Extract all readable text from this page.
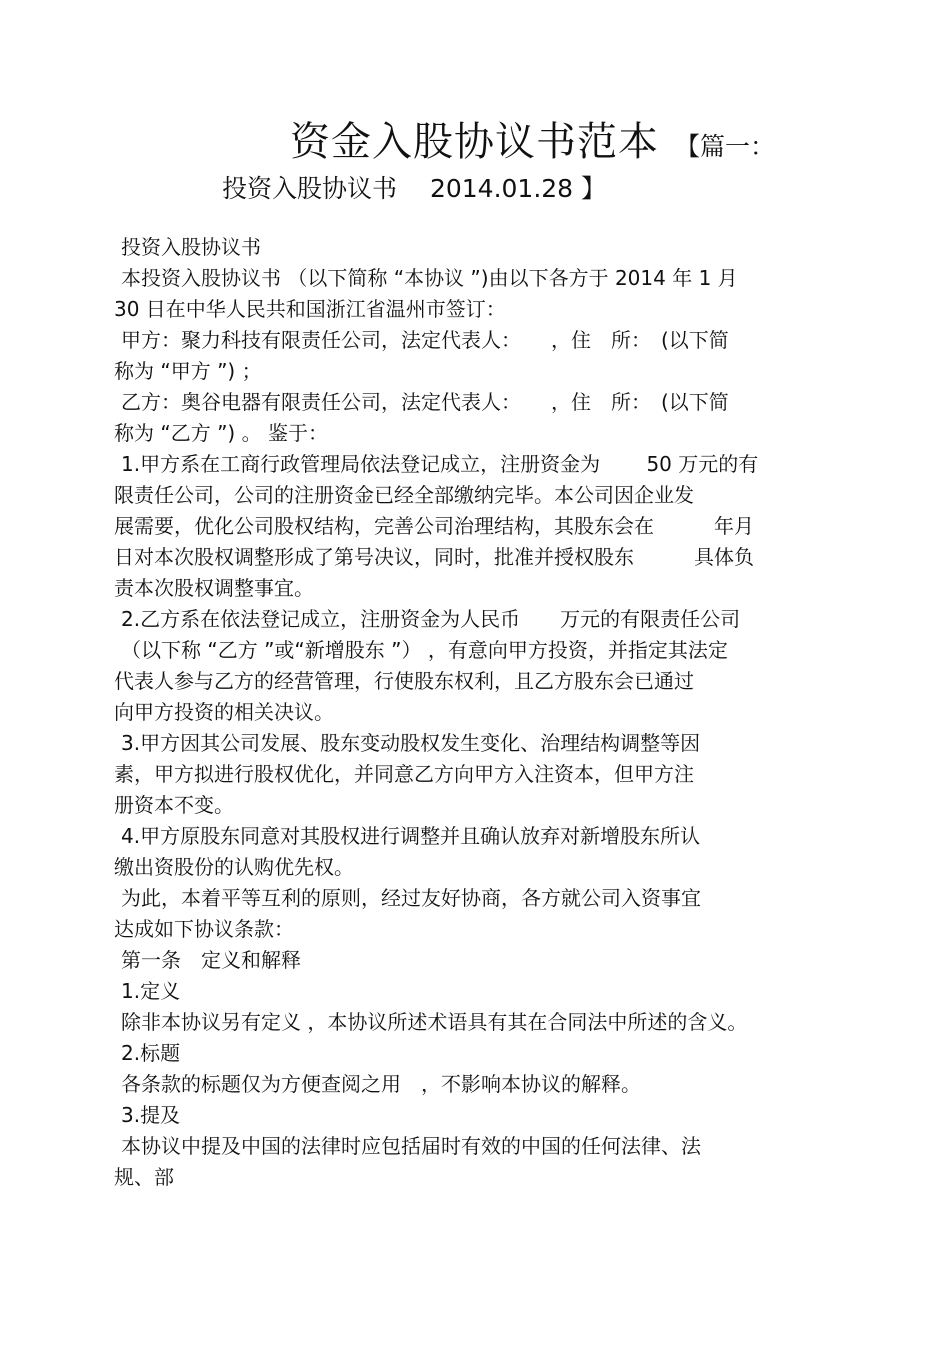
资金入股协议书范本 【篇一：
投资入股协议书　 2014.01.28 】
投资入股协议书
本投资入股协议书 （以下简称 “本协议 ”)由以下各方于 2014 年 1 月
30 日在中华人民共和国浙江省温州市签订：
甲方：聚力科技有限责任公司，法定代表人：　　，住　所：　(以下简
称为 “甲方 ”) ；
乙方：奥谷电器有限责任公司，法定代表人：　　，住　所：　(以下简
称为 “乙方 ”) 。 鉴于：
1.甲方系在工商行政管理局依法登记成立，注册资金为　　 50 万元的有
限责任公司，公司的注册资金已经全部缴纳完毕。本公司因企业发
展需要，优化公司股权结构，完善公司治理结构，其股东会在　　　年月
日对本次股权调整形成了第号决议，同时，批准并授权股东　　　具体负
责本次股权调整事宜。
2.乙方系在依法登记成立，注册资金为人民币　　万元的有限责任公司
（以下称 “乙方 ”或“新增股东 ”） ，有意向甲方投资，并指定其法定
代表人参与乙方的经营管理，行使股东权利，且乙方股东会已通过
向甲方投资的相关决议。
3.甲方因其公司发展、股东变动股权发生变化、治理结构调整等因
素，甲方拟进行股权优化，并同意乙方向甲方入注资本，但甲方注
册资本不变。
4.甲方原股东同意对其股权进行调整并且确认放弃对新增股东所认
缴出资股份的认购优先权。
为此，本着平等互利的原则，经过友好协商，各方就公司入资事宜
达成如下协议条款：
第一条　定义和解释
1.定义
除非本协议另有定义 ，本协议所述术语具有其在合同法中所述的含义。
2.标题
各条款的标题仅为方便查阅之用　，不影响本协议的解释。
3.提及
本协议中提及中国的法律时应包括届时有效的中国的任何法律、法
规、部
